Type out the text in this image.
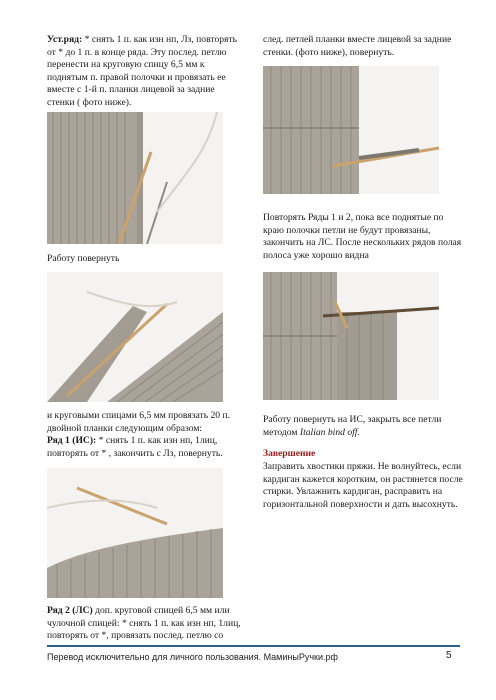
Уст.ряд: * снять 1 п. как изн нп, Лз, повторять от * до 1 п. в конце ряда. Эту послед. петлю перенести на круговую спицу 6,5 мм к поднятым п. правой полочки и провязать ее вместе с 1-й п. планки лицевой за задние стенки ( фото ниже).

Работу повернуть

и круговыми спицами 6,5 мм провязать 20 п. двойной планки следующим образом:

Ряд 1 (ИС): * снять 1 п. как изн нп, 1лиц, повторять от * , закончить с Лз, повернуть.

Ряд 2 (ЛС) доп. круговой спицей 6,5 мм или чулочной спицей: * снять 1 п. как изн нп, 1лиц, повторять от *, провязать послед. петлю со

след. петлей планки вместе лицевой за задние стенки. (фото ниже), повернуть.

Повторять Ряды 1 и 2, пока все поднятые по краю полочки петли не будут провязаны, закончить на ЛС. После нескольких рядов полая полоса уже хорошо видна

Работу повернуть на ИС, закрыть все петли методом Italian bind off.

Завершение

Заправить хвостики пряжи. Не волнуйтесь, если кардиган кажется коротким, он растянется после стирки. Увлажнить кардиган, расправить на горизонтальной поверхности и дать высохнуть.

Перевод исключительно для личного пользования. МаминыРучки.рф	5
